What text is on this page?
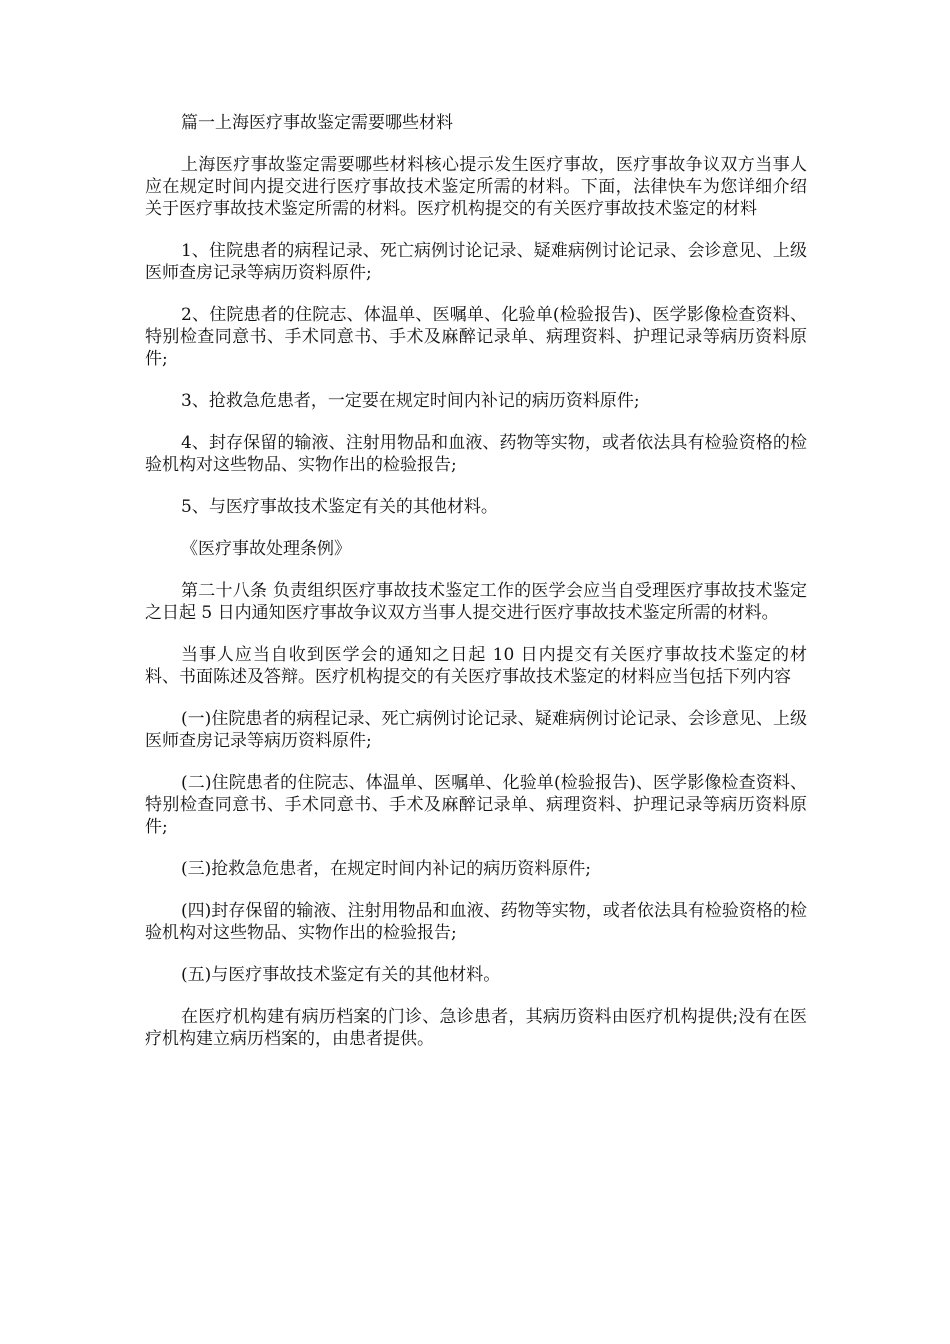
篇一上海医疗事故鉴定需要哪些材料

上海医疗事故鉴定需要哪些材料核心提示发生医疗事故，医疗事故争议双方当事人应在规定时间内提交进行医疗事故技术鉴定所需的材料。下面，法律快车为您详细介绍关于医疗事故技术鉴定所需的材料。医疗机构提交的有关医疗事故技术鉴定的材料

1、住院患者的病程记录、死亡病例讨论记录、疑难病例讨论记录、会诊意见、上级医师查房记录等病历资料原件;

2、住院患者的住院志、体温单、医嘱单、化验单(检验报告)、医学影像检查资料、特别检查同意书、手术同意书、手术及麻醉记录单、病理资料、护理记录等病历资料原件;

3、抢救急危患者，一定要在规定时间内补记的病历资料原件;

4、封存保留的输液、注射用物品和血液、药物等实物，或者依法具有检验资格的检验机构对这些物品、实物作出的检验报告;

5、与医疗事故技术鉴定有关的其他材料。

《医疗事故处理条例》

第二十八条 负责组织医疗事故技术鉴定工作的医学会应当自受理医疗事故技术鉴定之日起 5 日内通知医疗事故争议双方当事人提交进行医疗事故技术鉴定所需的材料。

当事人应当自收到医学会的通知之日起 10 日内提交有关医疗事故技术鉴定的材料、书面陈述及答辩。医疗机构提交的有关医疗事故技术鉴定的材料应当包括下列内容

(一)住院患者的病程记录、死亡病例讨论记录、疑难病例讨论记录、会诊意见、上级医师查房记录等病历资料原件;

(二)住院患者的住院志、体温单、医嘱单、化验单(检验报告)、医学影像检查资料、特别检查同意书、手术同意书、手术及麻醉记录单、病理资料、护理记录等病历资料原件;

(三)抢救急危患者，在规定时间内补记的病历资料原件;

(四)封存保留的输液、注射用物品和血液、药物等实物，或者依法具有检验资格的检验机构对这些物品、实物作出的检验报告;

(五)与医疗事故技术鉴定有关的其他材料。

在医疗机构建有病历档案的门诊、急诊患者，其病历资料由医疗机构提供;没有在医疗机构建立病历档案的，由患者提供。
